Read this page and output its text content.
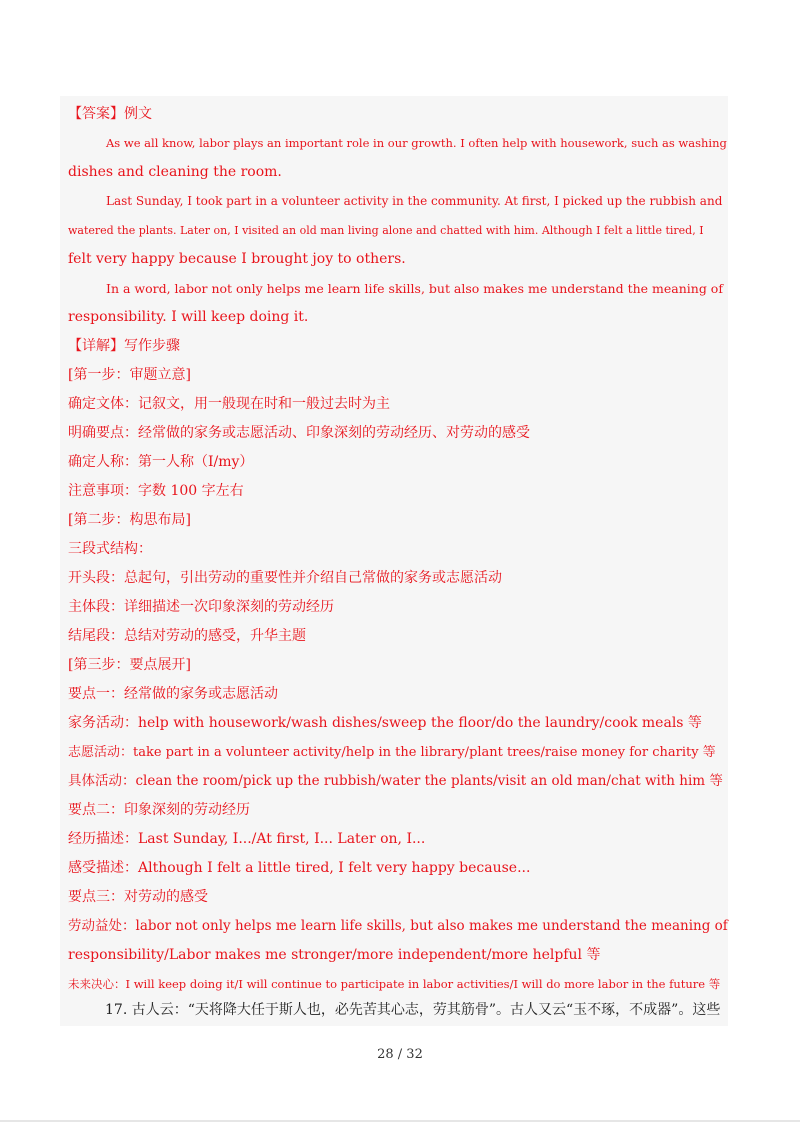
【答案】例文
As we all know, labor plays an important role in our growth. I often help with housework, such as washing
dishes and cleaning the room.
Last Sunday, I took part in a volunteer activity in the community. At first, I picked up the rubbish and
watered the plants. Later on, I visited an old man living alone and chatted with him. Although I felt a little tired, I
felt very happy because I brought joy to others.
In a word, labor not only helps me learn life skills, but also makes me understand the meaning of
responsibility. I will keep doing it.
【详解】写作步骤
[第一步：审题立意]
确定文体：记叙文，用一般现在时和一般过去时为主
明确要点：经常做的家务或志愿活动、印象深刻的劳动经历、对劳动的感受
确定人称：第一人称（I/my）
注意事项：字数 100 字左右
[第二步：构思布局]
三段式结构：
开头段：总起句，引出劳动的重要性并介绍自己常做的家务或志愿活动
主体段：详细描述一次印象深刻的劳动经历
结尾段：总结对劳动的感受，升华主题
[第三步：要点展开]
要点一：经常做的家务或志愿活动
家务活动：help with housework/wash dishes/sweep the floor/do the laundry/cook meals 等
志愿活动：take part in a volunteer activity/help in the library/plant trees/raise money for charity 等
具体活动：clean the room/pick up the rubbish/water the plants/visit an old man/chat with him 等
要点二：印象深刻的劳动经历
经历描述：Last Sunday, I.../At first, I... Later on, I...
感受描述：Although I felt a little tired, I felt very happy because...
要点三：对劳动的感受
劳动益处：labor not only helps me learn life skills, but also makes me understand the meaning of
responsibility/Labor makes me stronger/more independent/more helpful 等
未来决心：I will keep doing it/I will continue to participate in labor activities/I will do more labor in the future 等
17. 古人云：“天将降大任于斯人也，必先苦其心志，劳其筋骨”。古人又云“玉不琢，不成器”。这些
28 / 32
